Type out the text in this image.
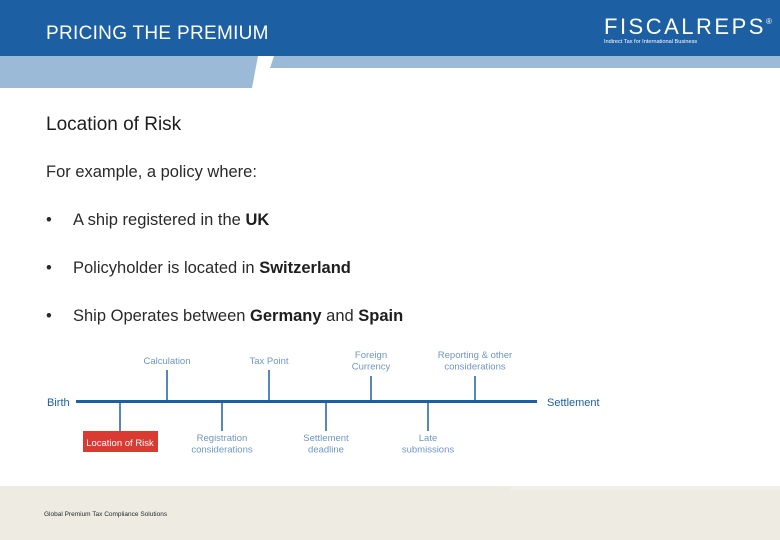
PRICING THE PREMIUM	FISCALREPS®
Indirect Tax for International Business
Location of Risk
For example, a policy where:
• A ship registered in the UK
• Policyholder is located in Switzerland
• Ship Operates between Germany and Spain
Birth	Settlement
Calculation	Tax Point
Foreign Currency
Reporting & other considerations
Location of Risk	Registration considerations
Settlement deadline
Late submissions
Global Premium Tax Compliance Solutions
